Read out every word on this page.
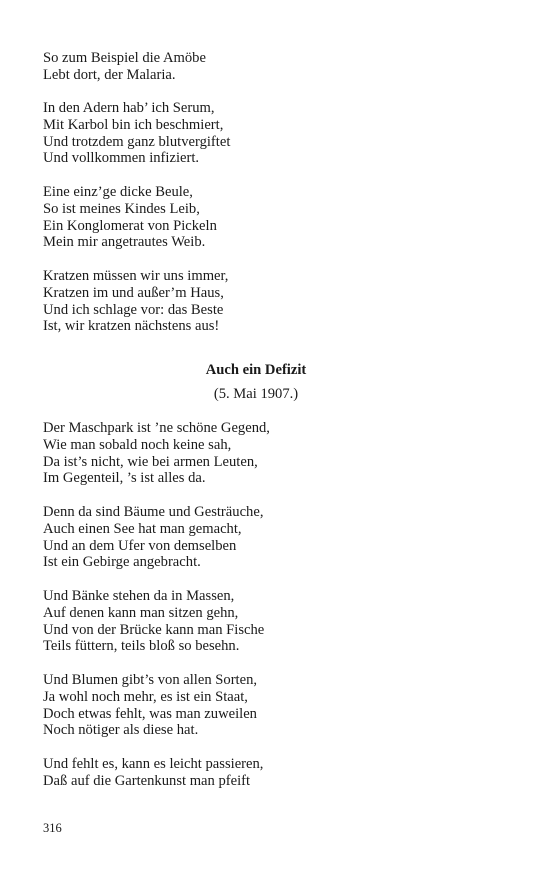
So zum Beispiel die Amöbe
Lebt dort, der Malaria.
In den Adern hab’ ich Serum,
Mit Karbol bin ich beschmiert,
Und trotzdem ganz blutvergiftet
Und vollkommen infiziert.
Eine einz’ge dicke Beule,
So ist meines Kindes Leib,
Ein Konglomerat von Pickeln
Mein mir angetrautes Weib.
Kratzen müssen wir uns immer,
Kratzen im und außer’m Haus,
Und ich schlage vor: das Beste
Ist, wir kratzen nächstens aus!
Auch ein Defizit
(5. Mai 1907.)
Der Maschpark ist ’ne schöne Gegend,
Wie man sobald noch keine sah,
Da ist’s nicht, wie bei armen Leuten,
Im Gegenteil, ’s ist alles da.
Denn da sind Bäume und Gesträuche,
Auch einen See hat man gemacht,
Und an dem Ufer von demselben
Ist ein Gebirge angebracht.
Und Bänke stehen da in Massen,
Auf denen kann man sitzen gehn,
Und von der Brücke kann man Fische
Teils füttern, teils bloß so besehn.
Und Blumen gibt’s von allen Sorten,
Ja wohl noch mehr, es ist ein Staat,
Doch etwas fehlt, was man zuweilen
Noch nötiger als diese hat.
Und fehlt es, kann es leicht passieren,
Daß auf die Gartenkunst man pfeift
316
